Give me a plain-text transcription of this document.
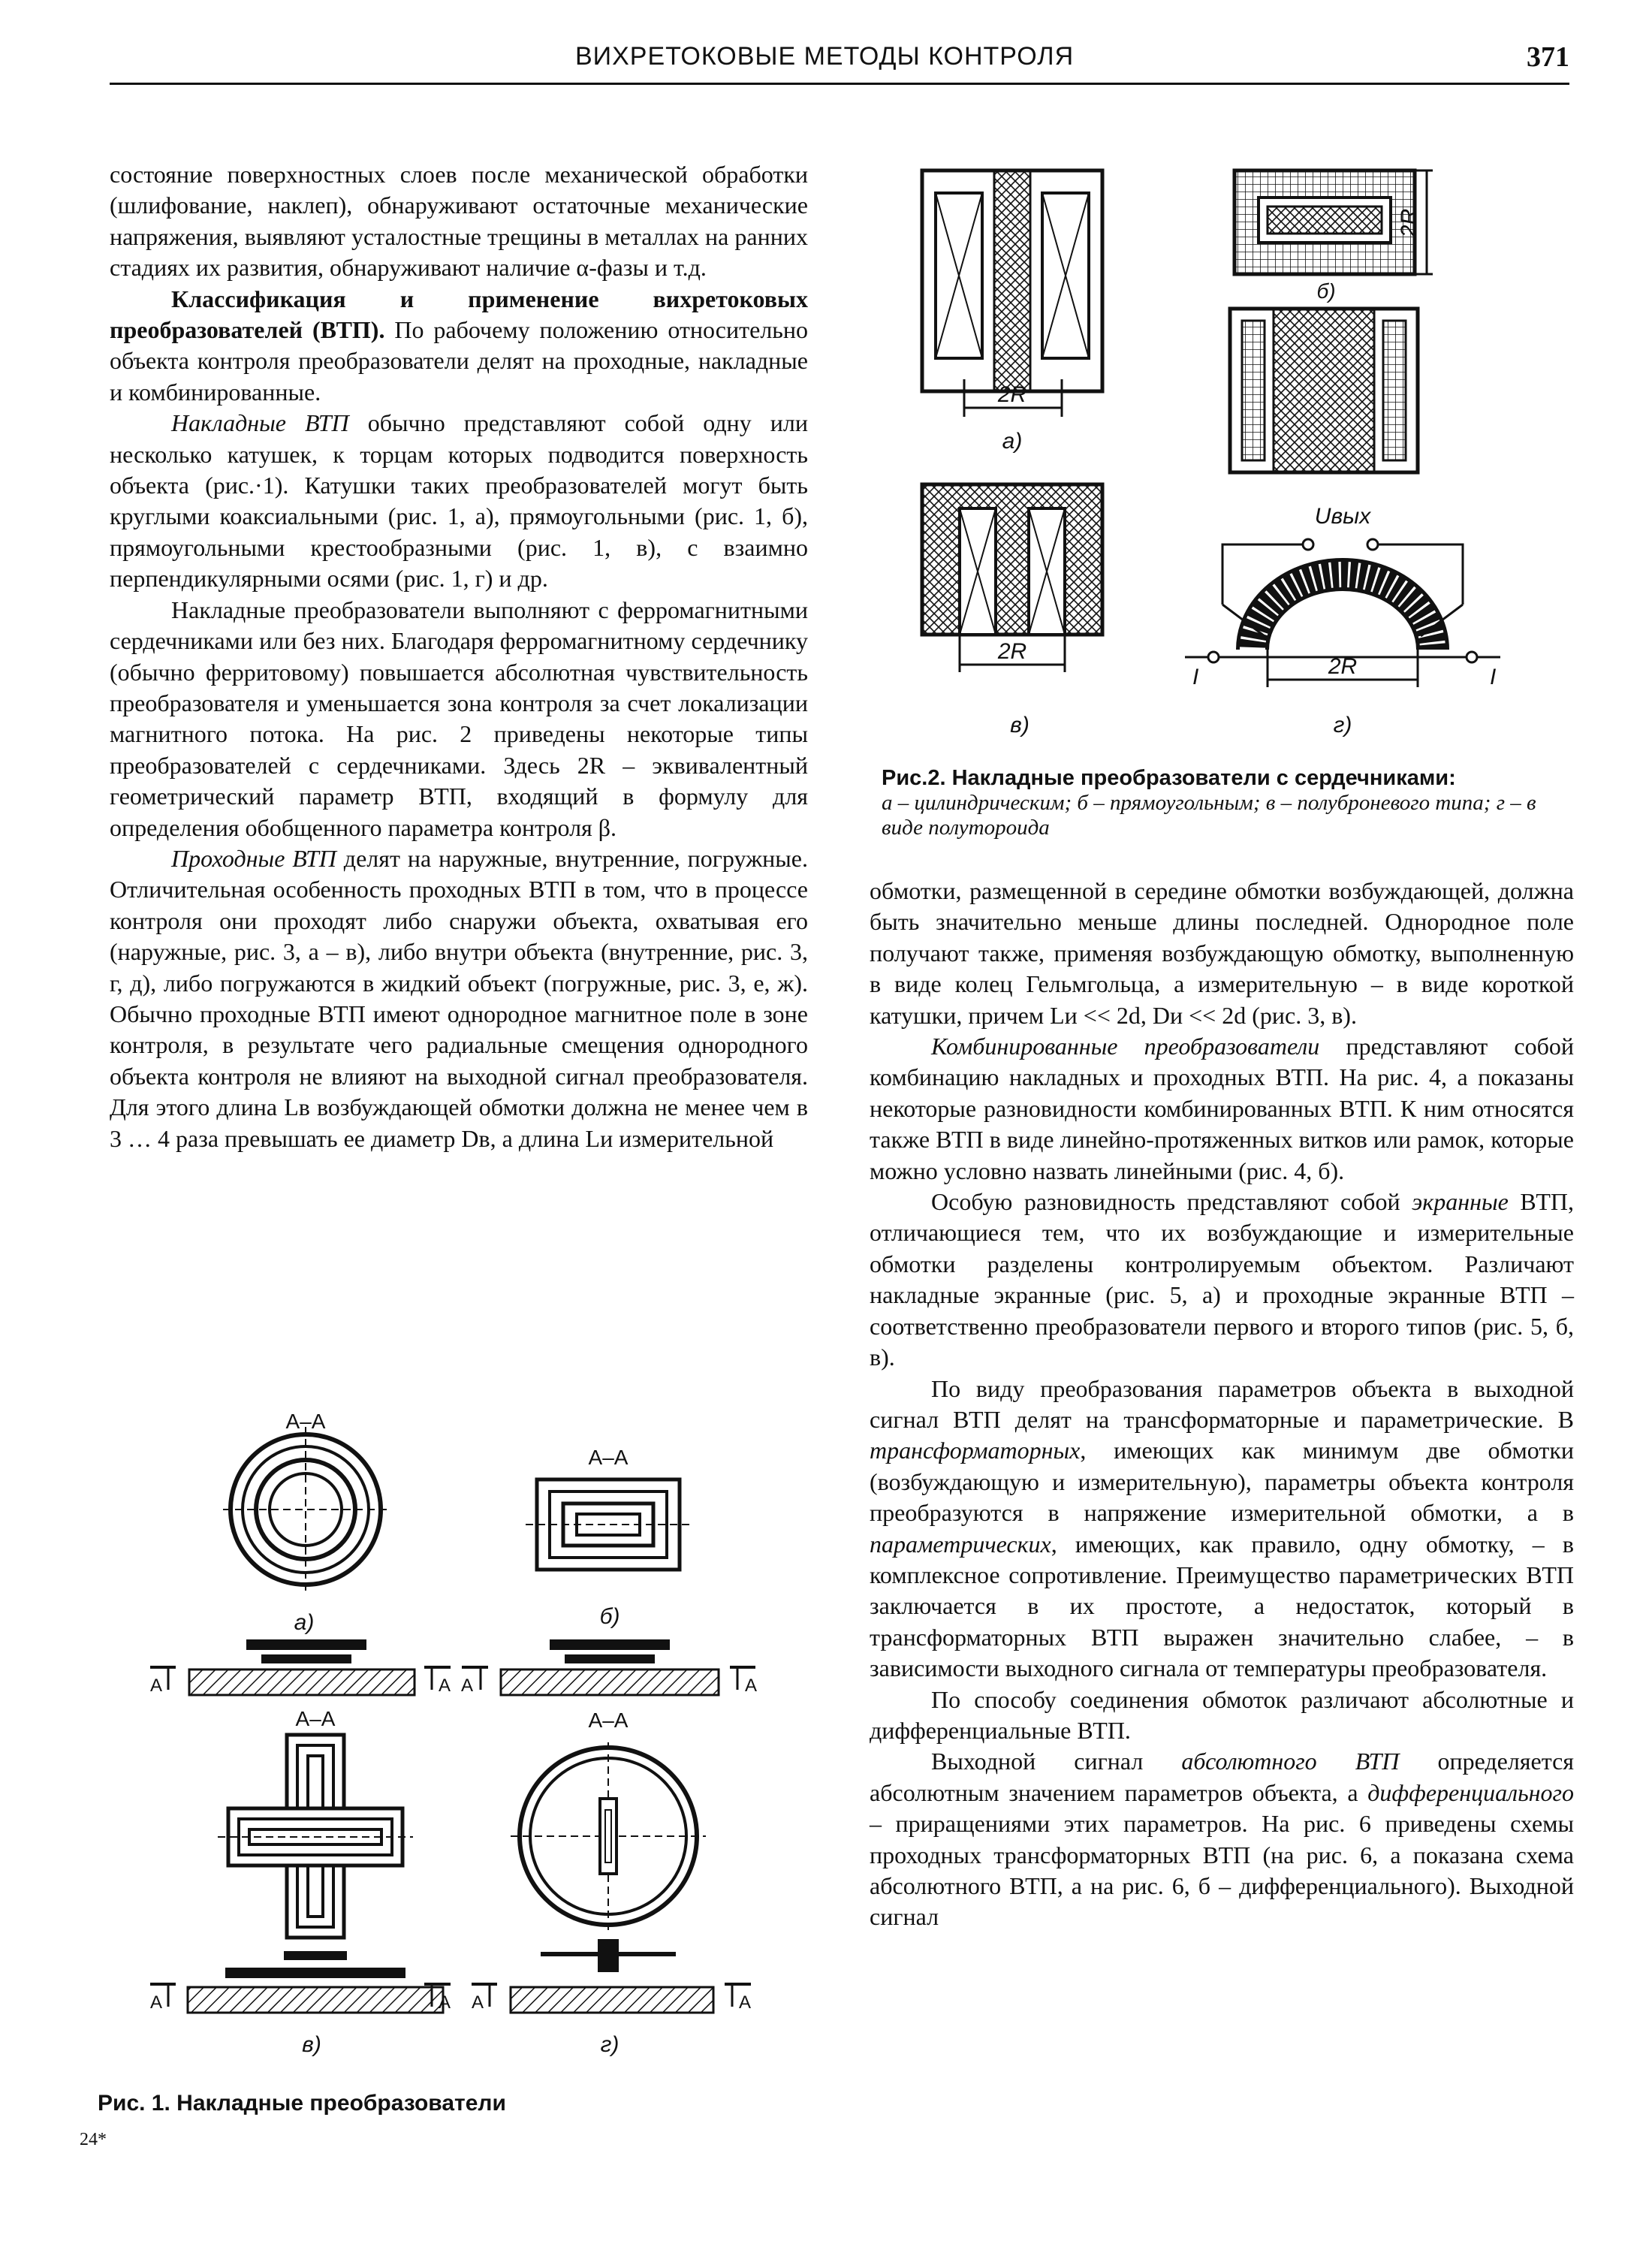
ВИХРЕТОКОВЫЕ МЕТОДЫ КОНТРОЛЯ	371

состояние поверхностных слоев после механической обработки (шлифование, наклеп), обнаруживают остаточные механические напряжения, выявляют усталостные трещины в металлах на ранних стадиях их развития, обнаруживают наличие α-фазы и т.д.

Классификация и применение вихретоковых преобразователей (ВТП). По рабочему положению относительно объекта контроля преобразователи делят на проходные, накладные и комбинированные.

Накладные ВТП обычно представляют собой одну или несколько катушек, к торцам которых подводится поверхность объекта (рис.·1). Катушки таких преобразователей могут быть круглыми коаксиальными (рис. 1, а), прямоугольными (рис. 1, б), прямоугольными крестообразными (рис. 1, в), с взаимно перпендикулярными осями (рис. 1, г) и др.

Накладные преобразователи выполняют с ферромагнитными сердечниками или без них. Благодаря ферромагнитному сердечнику (обычно ферритовому) повышается абсолютная чувствительность преобразователя и уменьшается зона контроля за счет локализации магнитного потока. На рис. 2 приведены некоторые типы преобразователей с сердечниками. Здесь 2R – эквивалентный геометрический параметр ВТП, входящий в формулу для определения обобщенного параметра контроля β.

Проходные ВТП делят на наружные, внутренние, погружные. Отличительная особенность проходных ВТП в том, что в процессе контроля они проходят либо снаружи объекта, охватывая его (наружные, рис. 3, а – в), либо внутри объекта (внутренние, рис. 3, г, д), либо погружаются в жидкий объект (погружные, рис. 3, е, ж). Обычно проходные ВТП имеют однородное магнитное поле в зоне контроля, в результате чего радиальные смещения однородного объекта контроля не влияют на выходной сигнал преобразователя. Для этого длина Lв возбуждающей обмотки должна не менее чем в 3 … 4 раза превышать ее диаметр Dв, а длина Lи измерительной

А–А
а)
А	А
А–А
б)
А	А
А–А
А	А
в)
А–А
А	А
г)
Рис. 1. Накладные преобразователи
2R
а)
2R
б)
2R
в)
Uвых
2R
I	I
г)
Рис.2. Накладные преобразователи с сердечниками:
а – цилиндрическим; б – прямоугольным; в – полуброневого типа; г – в виде полутороида

обмотки, размещенной в середине обмотки возбуждающей, должна быть значительно меньше длины последней. Однородное поле получают также, применяя возбуждающую обмотку, выполненную в виде колец Гельмгольца, а измерительную – в виде короткой катушки, причем Lи << 2d, Dи << 2d (рис. 3, в).

Комбинированные преобразователи представляют собой комбинацию накладных и проходных ВТП. На рис. 4, а показаны некоторые разновидности комбинированных ВТП. К ним относятся также ВТП в виде линейно-протяженных витков или рамок, которые можно условно назвать линейными (рис. 4, б).

Особую разновидность представляют собой экранные ВТП, отличающиеся тем, что их возбуждающие и измерительные обмотки разделены контролируемым объектом. Различают накладные экранные (рис. 5, а) и проходные экранные ВТП – соответственно преобразователи первого и второго типов (рис. 5, б, в).

По виду преобразования параметров объекта в выходной сигнал ВТП делят на трансформаторные и параметрические. В трансформаторных, имеющих как минимум две обмотки (возбуждающую и измерительную), параметры объекта контроля преобразуются в напряжение измерительной обмотки, а в параметрических, имеющих, как правило, одну обмотку, – в комплексное сопротивление. Преимущество параметрических ВТП заключается в их простоте, а недостаток, который в трансформаторных ВТП выражен значительно слабее, – в зависимости выходного сигнала от температуры преобразователя.

По способу соединения обмоток различают абсолютные и дифференциальные ВТП.

Выходной сигнал абсолютного ВТП определяется абсолютным значением параметров объекта, а дифференциального – приращениями этих параметров. На рис. 6 приведены схемы проходных трансформаторных ВТП (на рис. 6, а показана схема абсолютного ВТП, а на рис. 6, б – дифференциального). Выходной сигнал

24*
